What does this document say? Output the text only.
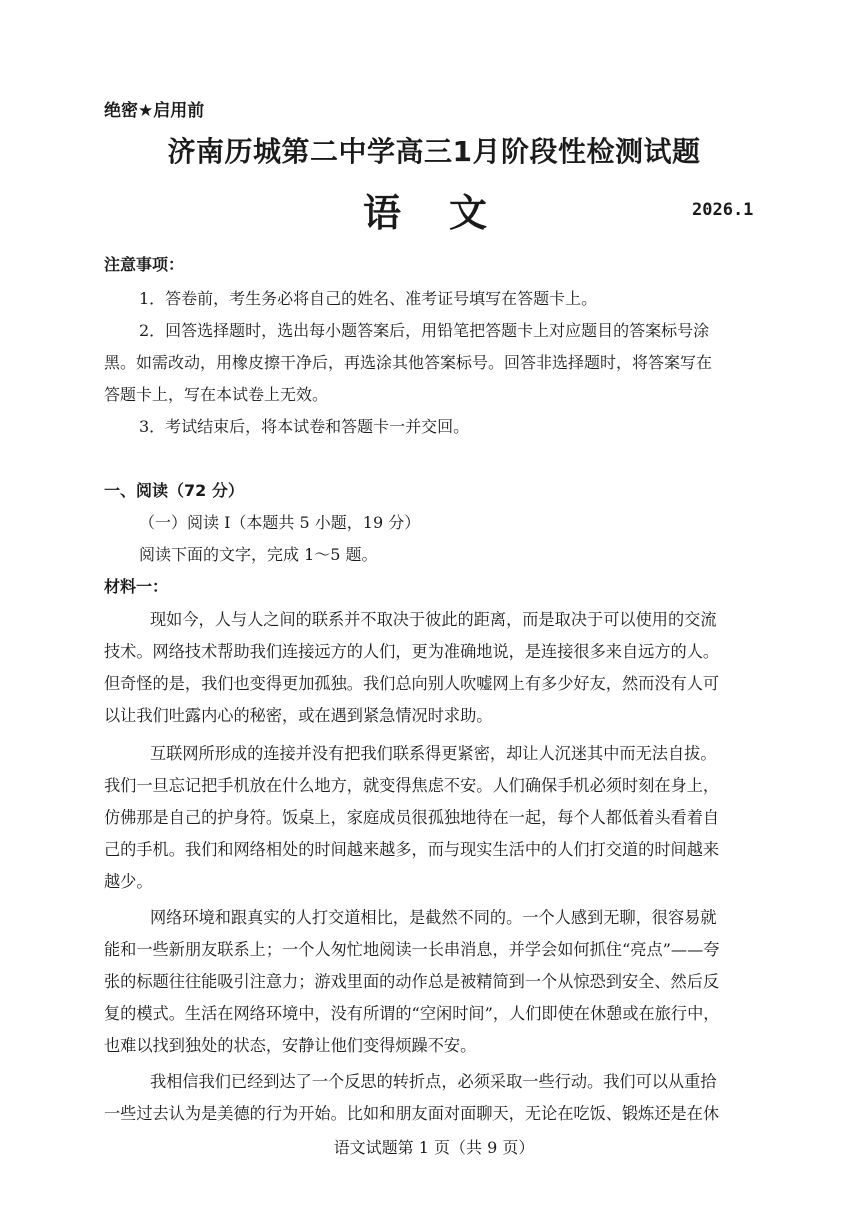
绝密★启用前
济南历城第二中学高三1月阶段性检测试题
语文	2026.1
注意事项：
1．答卷前，考生务必将自己的姓名、准考证号填写在答题卡上。
2．回答选择题时，选出每小题答案后，用铅笔把答题卡上对应题目的答案标号涂
黑。如需改动，用橡皮擦干净后，再选涂其他答案标号。回答非选择题时，将答案写在
答题卡上，写在本试卷上无效。
3．考试结束后，将本试卷和答题卡一并交回。
一、阅读（72 分）
（一）阅读 I（本题共 5 小题，19 分）
阅读下面的文字，完成 1～5 题。
材料一：
现如今，人与人之间的联系并不取决于彼此的距离，而是取决于可以使用的交流
技术。网络技术帮助我们连接远方的人们，更为准确地说，是连接很多来自远方的人。
但奇怪的是，我们也变得更加孤独。我们总向别人吹嘘网上有多少好友，然而没有人可
以让我们吐露内心的秘密，或在遇到紧急情况时求助。
互联网所形成的连接并没有把我们联系得更紧密，却让人沉迷其中而无法自拔。
我们一旦忘记把手机放在什么地方，就变得焦虑不安。人们确保手机必须时刻在身上，
仿佛那是自己的护身符。饭桌上，家庭成员很孤独地待在一起，每个人都低着头看着自
己的手机。我们和网络相处的时间越来越多，而与现实生活中的人们打交道的时间越来
越少。
网络环境和跟真实的人打交道相比，是截然不同的。一个人感到无聊，很容易就
能和一些新朋友联系上；一个人匆忙地阅读一长串消息，并学会如何抓住“亮点”——夸
张的标题往往能吸引注意力；游戏里面的动作总是被精简到一个从惊恐到安全、然后反
复的模式。生活在网络环境中，没有所谓的“空闲时间”，人们即使在休憩或在旅行中，
也难以找到独处的状态，安静让他们变得烦躁不安。
我相信我们已经到达了一个反思的转折点，必须采取一些行动。我们可以从重拾
一些过去认为是美德的行为开始。比如和朋友面对面聊天，无论在吃饭、锻炼还是在休
语文试题第 1 页（共 9 页）
